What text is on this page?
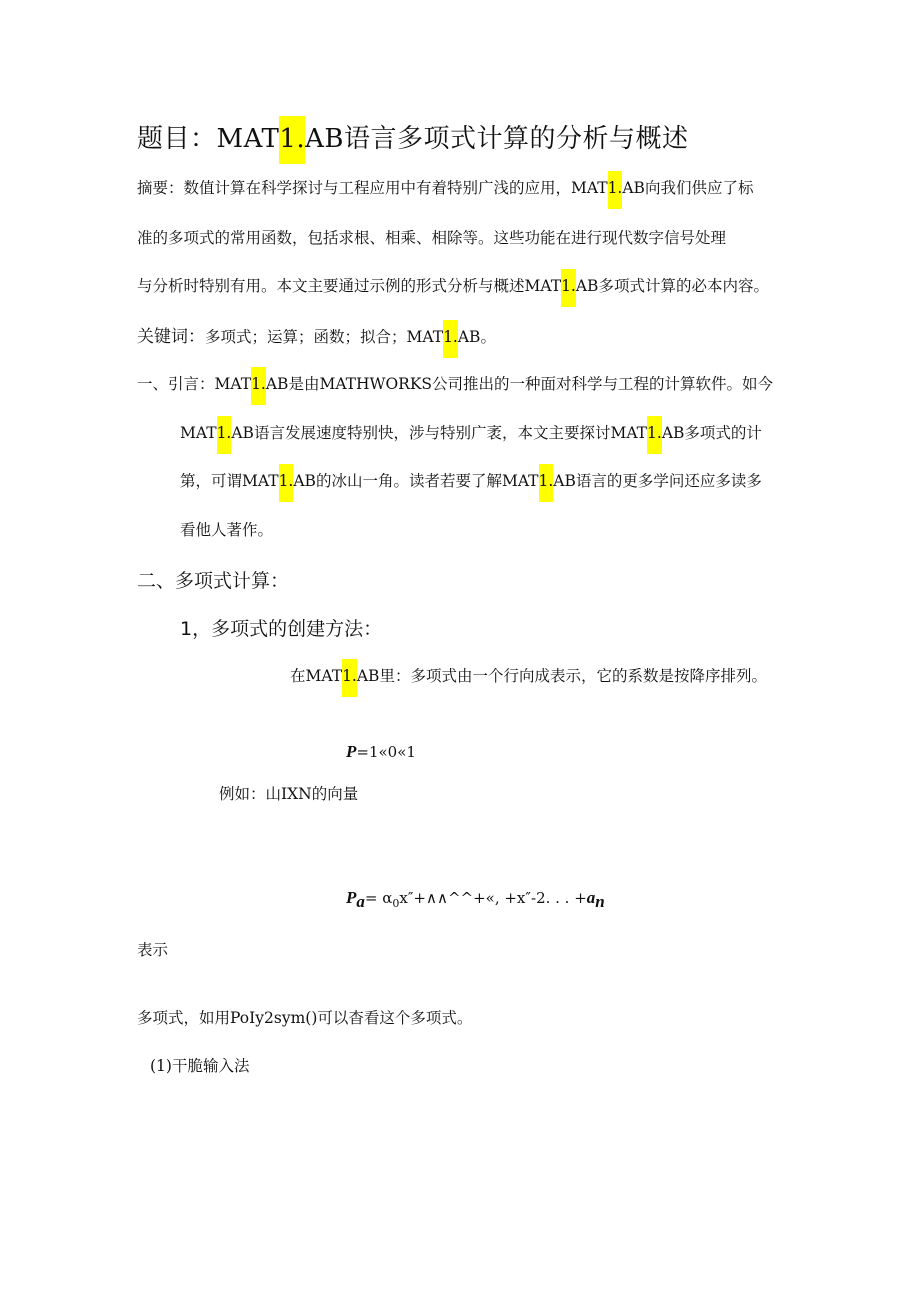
题目：MAT1.AB语言多项式计算的分析与概述
摘要：数值计算在科学探讨与工程应用中有着特别广浅的应用，MAT1.AB向我们供应了标
准的多项式的常用函数，包括求根、相乘、相除等。这些功能在进行现代数字信号处理
与分析时特别有用。本文主要通过示例的形式分析与概述MAT1.AB多项式计算的必本内容。
关键词：多项式；运算；函数；拟合；MAT1.AB。
一、引言：MAT1.AB是由MATHWORKS公司推出的一种面对科学与工程的计算软件。如今
MAT1.AB语言发展速度特别快，涉与特别广袤，本文主要探讨MAT1.AB多项式的计
第，可谓MAT1.AB的冰山一角。读者若要了解MAT1.AB语言的更多学问还应多读多
看他人著作。
二、多项式计算：
1，多项式的创建方法：
在MAT1.AB里：多项式由一个行向成表示，它的系数是按降序排列。
P=1«0«1
例如：山IXN的向量
$P_a=$ $\alpha_0x''+\wedge\wedge\^{}\^{}+«$, +x″-2. . . $+a_n$
表示
多项式，如用PoIy2sym()可以杳看这个多项式。
(1)干脆输入法
